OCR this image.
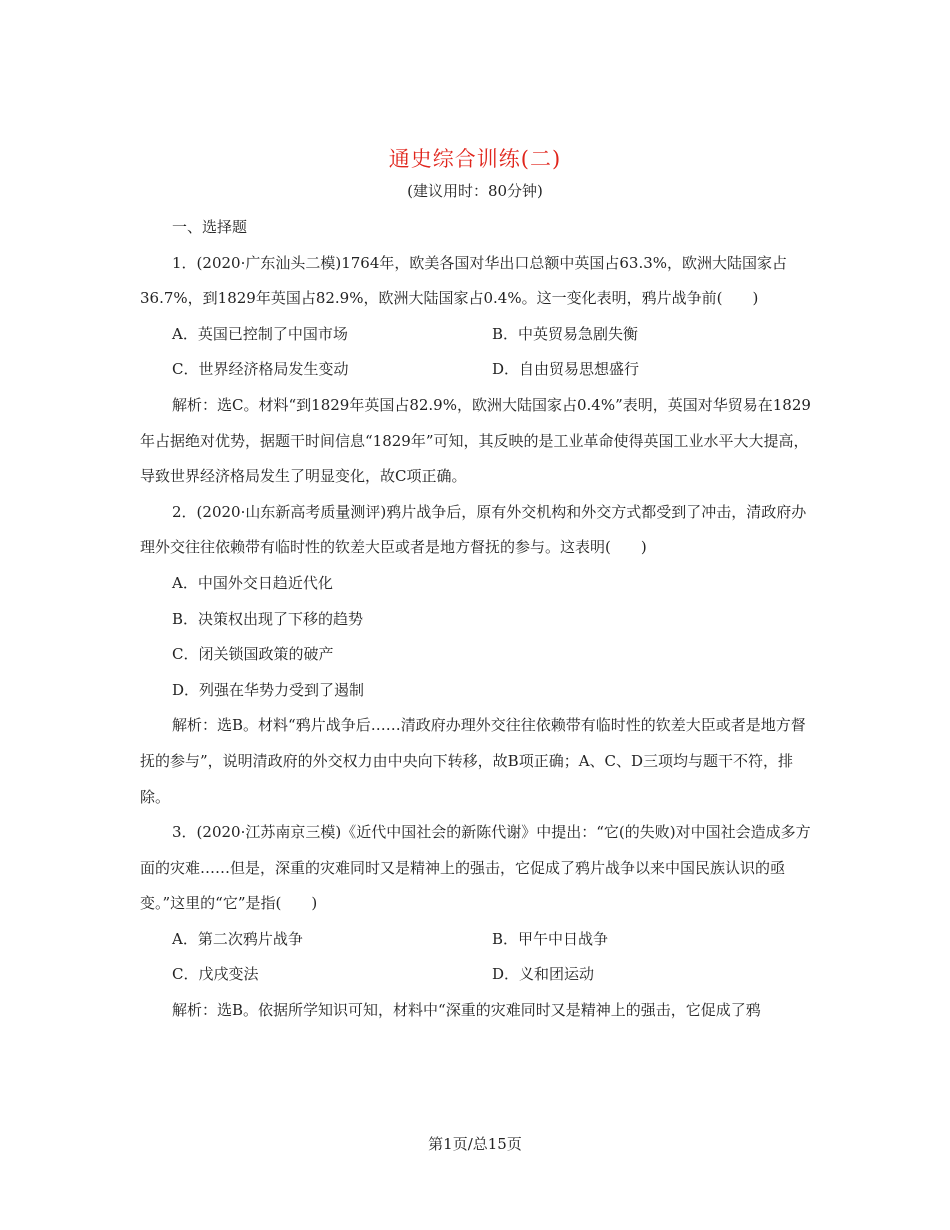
通史综合训练(二)
(建议用时：80分钟)

一、选择题

1．(2020·广东汕头二模)1764年，欧美各国对华出口总额中英国占63.3%，欧洲大陆国家占36.7%，到1829年英国占82.9%，欧洲大陆国家占0.4%。这一变化表明，鸦片战争前(　　)

A．英国已控制了中国市场	B．中英贸易急剧失衡
C．世界经济格局发生变动	D．自由贸易思想盛行

解析：选C。材料“到1829年英国占82.9%，欧洲大陆国家占0.4%”表明，英国对华贸易在1829年占据绝对优势，据题干时间信息“1829年”可知，其反映的是工业革命使得英国工业水平大大提高，导致世界经济格局发生了明显变化，故C项正确。

2．(2020·山东新高考质量测评)鸦片战争后，原有外交机构和外交方式都受到了冲击，清政府办理外交往往依赖带有临时性的钦差大臣或者是地方督抚的参与。这表明(　　)

A．中国外交日趋近代化

B．决策权出现了下移的趋势

C．闭关锁国政策的破产

D．列强在华势力受到了遏制

解析：选B。材料“鸦片战争后……清政府办理外交往往依赖带有临时性的钦差大臣或者是地方督抚的参与”，说明清政府的外交权力由中央向下转移，故B项正确；A、C、D三项均与题干不符，排除。

3．(2020·江苏南京三模)《近代中国社会的新陈代谢》中提出：“它(的失败)对中国社会造成多方面的灾难……但是，深重的灾难同时又是精神上的强击，它促成了鸦片战争以来中国民族认识的亟变。”这里的“它”是指(　　)

A．第二次鸦片战争	B．甲午中日战争
C．戊戌变法	D．义和团运动

解析：选B。依据所学知识可知，材料中“深重的灾难同时又是精神上的强击，它促成了鸦

第1页/总15页
